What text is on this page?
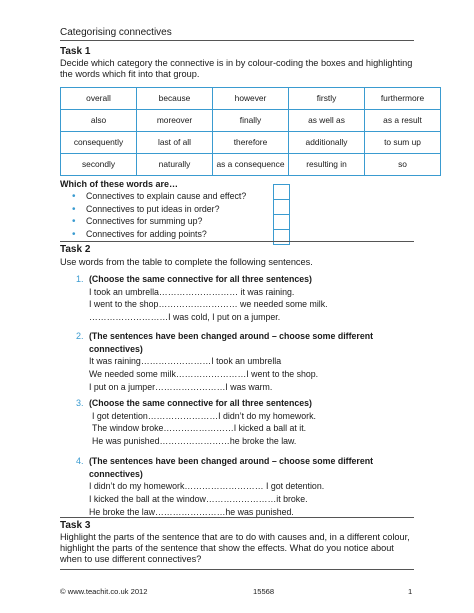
Categorising connectives
Task 1
Decide which category the connective is in by colour-coding the boxes and highlighting the words which fit into that group.
overall	because	however	firstly	furthermore
also	moreover	finally	as well as	as a result
consequently	last of all	therefore	additionally	to sum up
secondly	naturally	as a consequence	resulting in	so
Which of these words are…
• Connectives to explain cause and effect?
• Connectives to put ideas in order?
• Connectives for summing up?
• Connectives for adding points?
Task 2
Use words from the table to complete the following sentences.
1. (Choose the same connective for all three sentences)
I took an umbrella……………………… it was raining.
I went to the shop……………………… we needed some milk.
………………………I was cold, I put on a jumper.
2. (The sentences have been changed around – choose some different connectives)
It was raining……………………I took an umbrella
We needed some milk……………………I went to the shop.
I put on a jumper……………………I was warm.
3. (Choose the same connective for all three sentences)
I got detention……………………I didn’t do my homework.
The window broke……………………I kicked a ball at it.
He was punished……………………he broke the law.
4. (The sentences have been changed around – choose some different connectives)
I didn’t do my homework……………………… I got detention.
I kicked the ball at the window……………………it broke.
He broke the law……………………he was punished.
Task 3
Highlight the parts of the sentence that are to do with causes and, in a different colour, highlight the parts of the sentence that show the effects. What do you notice about when to use different connectives?
© www.teachit.co.uk 2012	15568	1
